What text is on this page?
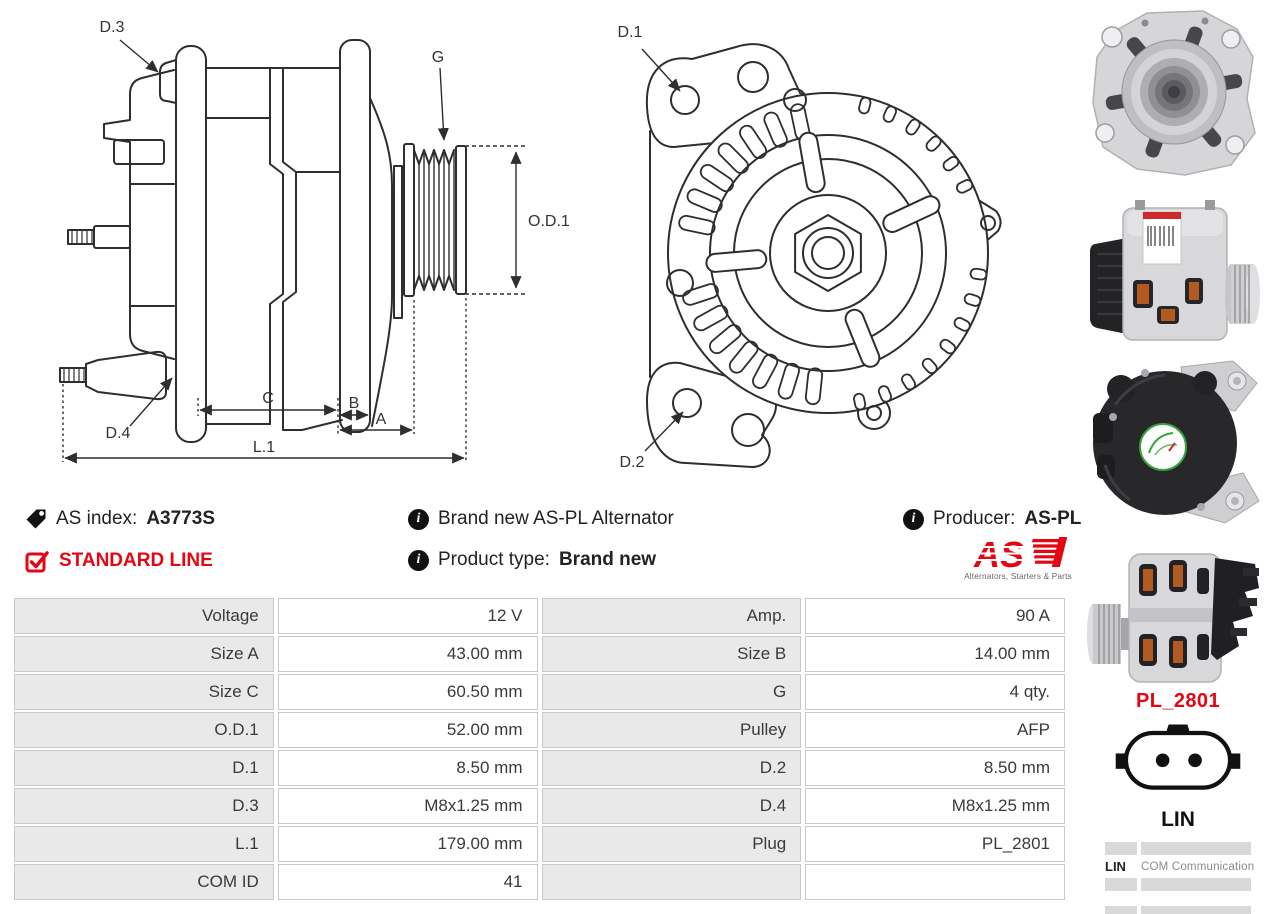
D.3
G
O.D.1
D.4
C	B
A
L.1
D.1
D.2
AS index: A3773S	i Brand new AS-PL Alternator	i Producer: AS-PL
STANDARD LINE	i Product type: Brand new
Alternators, Starters & Parts
Voltage	12 V	Amp.	90 A
Size A	43.00 mm	Size B	14.00 mm
Size C	60.50 mm	G	4 qty.
O.D.1	52.00 mm	Pulley	AFP
D.1	8.50 mm	D.2	8.50 mm
D.3	M8x1.25 mm	D.4	M8x1.25 mm
L.1	179.00 mm	Plug	PL_2801
COM ID	41
PL_2801
LIN
LIN	COM Communication
